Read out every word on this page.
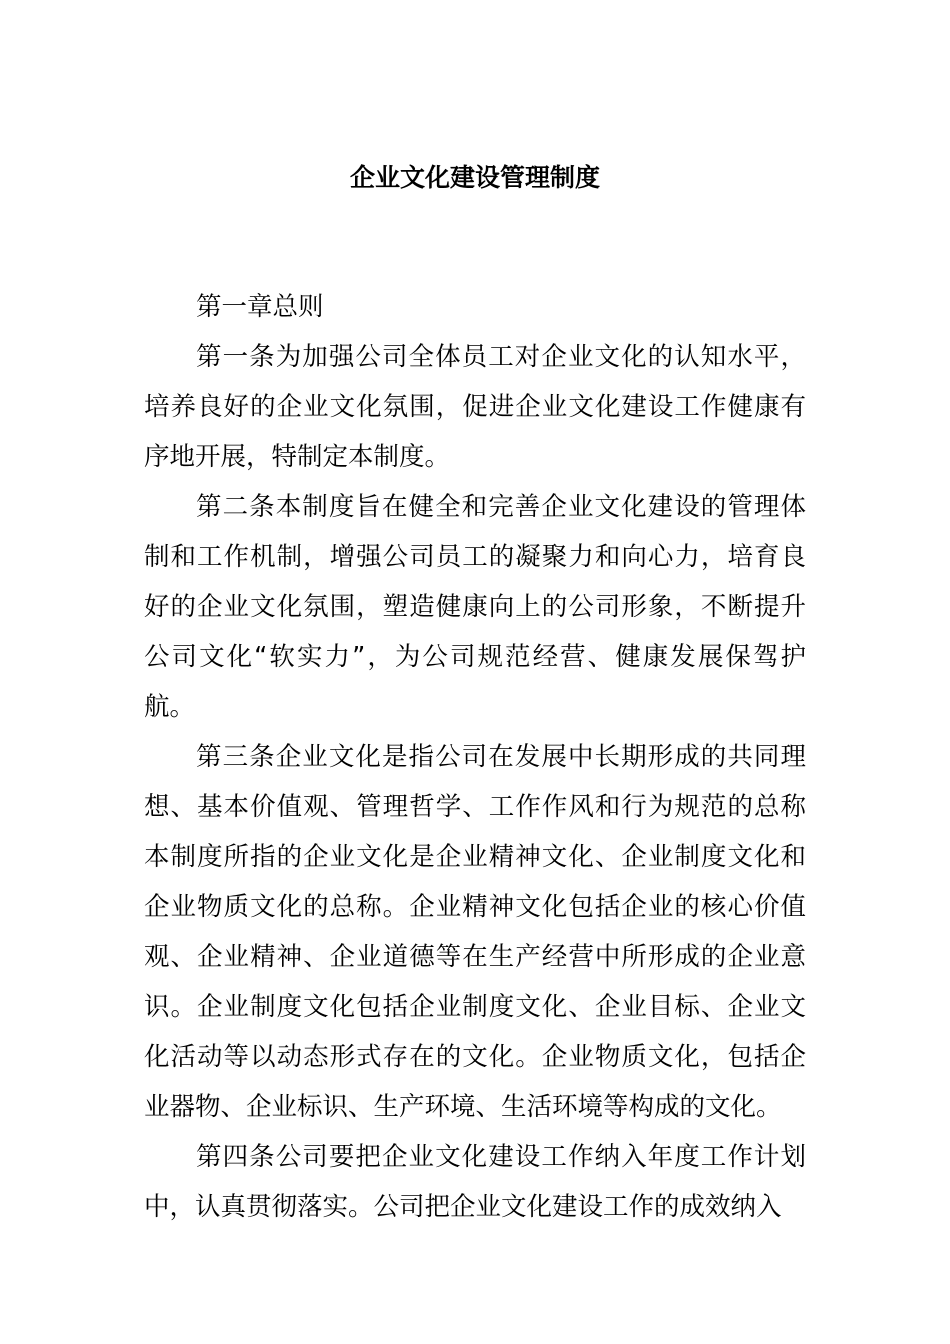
企业文化建设管理制度

第一章总则

第一条为加强公司全体员工对企业文化的认知水平，培养良好的企业文化氛围，促进企业文化建设工作健康有序地开展，特制定本制度。

第二条本制度旨在健全和完善企业文化建设的管理体制和工作机制，增强公司员工的凝聚力和向心力，培育良好的企业文化氛围，塑造健康向上的公司形象，不断提升公司文化“软实力”，为公司规范经营、健康发展保驾护航。

第三条企业文化是指公司在发展中长期形成的共同理想、基本价值观、管理哲学、工作作风和行为规范的总称本制度所指的企业文化是企业精神文化、企业制度文化和企业物质文化的总称。企业精神文化包括企业的核心价值观、企业精神、企业道德等在生产经营中所形成的企业意识。企业制度文化包括企业制度文化、企业目标、企业文化活动等以动态形式存在的文化。企业物质文化，包括企业器物、企业标识、生产环境、生活环境等构成的文化。

第四条公司要把企业文化建设工作纳入年度工作计划中，认真贯彻落实。公司把企业文化建设工作的成效纳入
